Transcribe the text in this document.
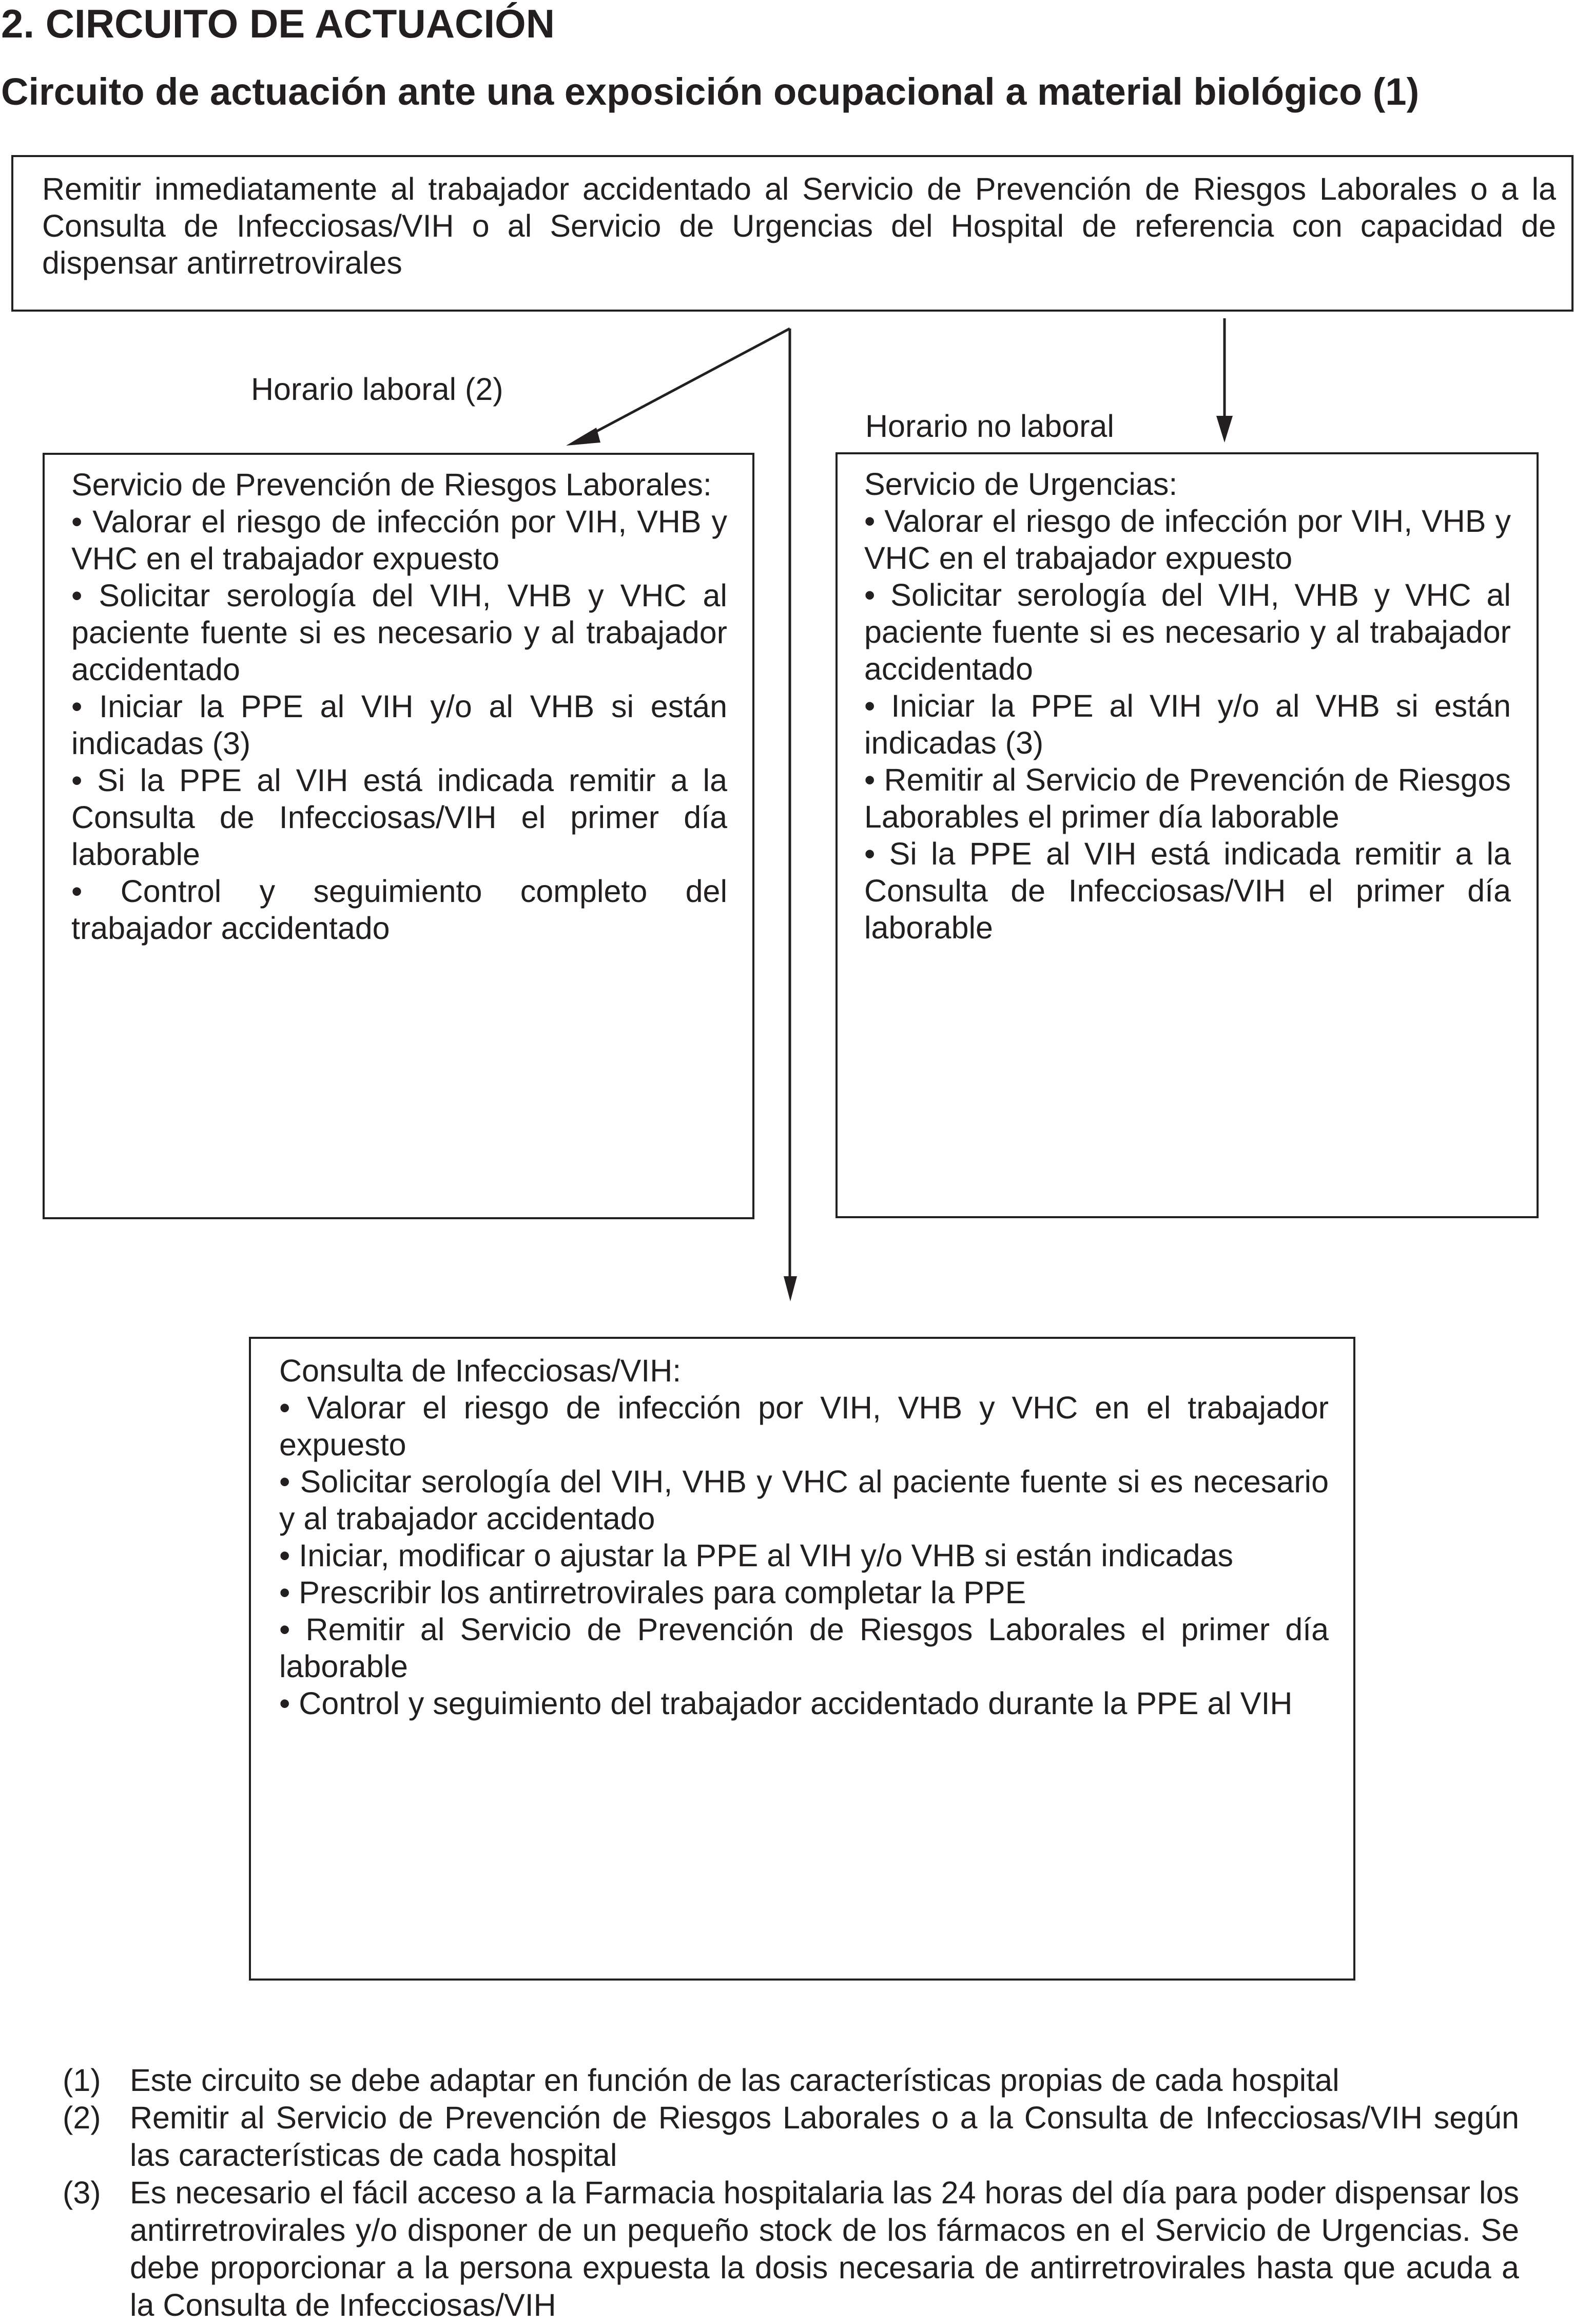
2. CIRCUITO DE ACTUACIÓN
Circuito de actuación ante una exposición ocupacional a material biológico (1)
Remitir inmediatamente al trabajador accidentado al Servicio de Prevención de Riesgos Laborales o a la Consulta de Infecciosas/VIH o al Servicio de Urgencias del Hospital de referencia con capacidad de dispensar antirretrovirales
Horario laboral (2)
Horario no laboral

Servicio de Prevención de Riesgos Laborales:

• Valorar el riesgo de infección por VIH, VHB y VHC en el trabajador expuesto

• Solicitar serología del VIH, VHB y VHC al paciente fuente si es necesario y al trabajador accidentado

• Iniciar la PPE al VIH y/o al VHB si están indicadas (3)

• Si la PPE al VIH está indicada remitir a la Consulta de Infecciosas/VIH el primer día laborable

• Control y seguimiento completo del trabajador accidentado

Servicio de Urgencias:

• Valorar el riesgo de infección por VIH, VHB y VHC en el trabajador expuesto

• Solicitar serología del VIH, VHB y VHC al paciente fuente si es necesario y al trabajador accidentado

• Iniciar la PPE al VIH y/o al VHB si están indicadas (3)

• Remitir al Servicio de Prevención de Riesgos Laborables el primer día laborable

• Si la PPE al VIH está indicada remitir a la Consulta de Infecciosas/VIH el primer día laborable

Consulta de Infecciosas/VIH:

• Valorar el riesgo de infección por VIH, VHB y VHC en el trabajador expuesto

• Solicitar serología del VIH, VHB y VHC al paciente fuente si es necesario y al trabajador accidentado

• Iniciar, modificar o ajustar la PPE al VIH y/o VHB si están indicadas

• Prescribir los antirretrovirales para completar la PPE

• Remitir al Servicio de Prevención de Riesgos Laborales el primer día laborable

• Control y seguimiento del trabajador accidentado durante la PPE al VIH

(1) Este circuito se debe adaptar en función de las características propias de cada hospital
(2) Remitir al Servicio de Prevención de Riesgos Laborales o a la Consulta de Infecciosas/VIH según las características de cada hospital
(3) Es necesario el fácil acceso a la Farmacia hospitalaria las 24 horas del día para poder dispensar los antirretrovirales y/o disponer de un pequeño stock de los fármacos en el Servicio de Urgencias. Se debe proporcionar a la persona expuesta la dosis necesaria de antirretrovirales hasta que acuda a la Consulta de Infecciosas/VIH
